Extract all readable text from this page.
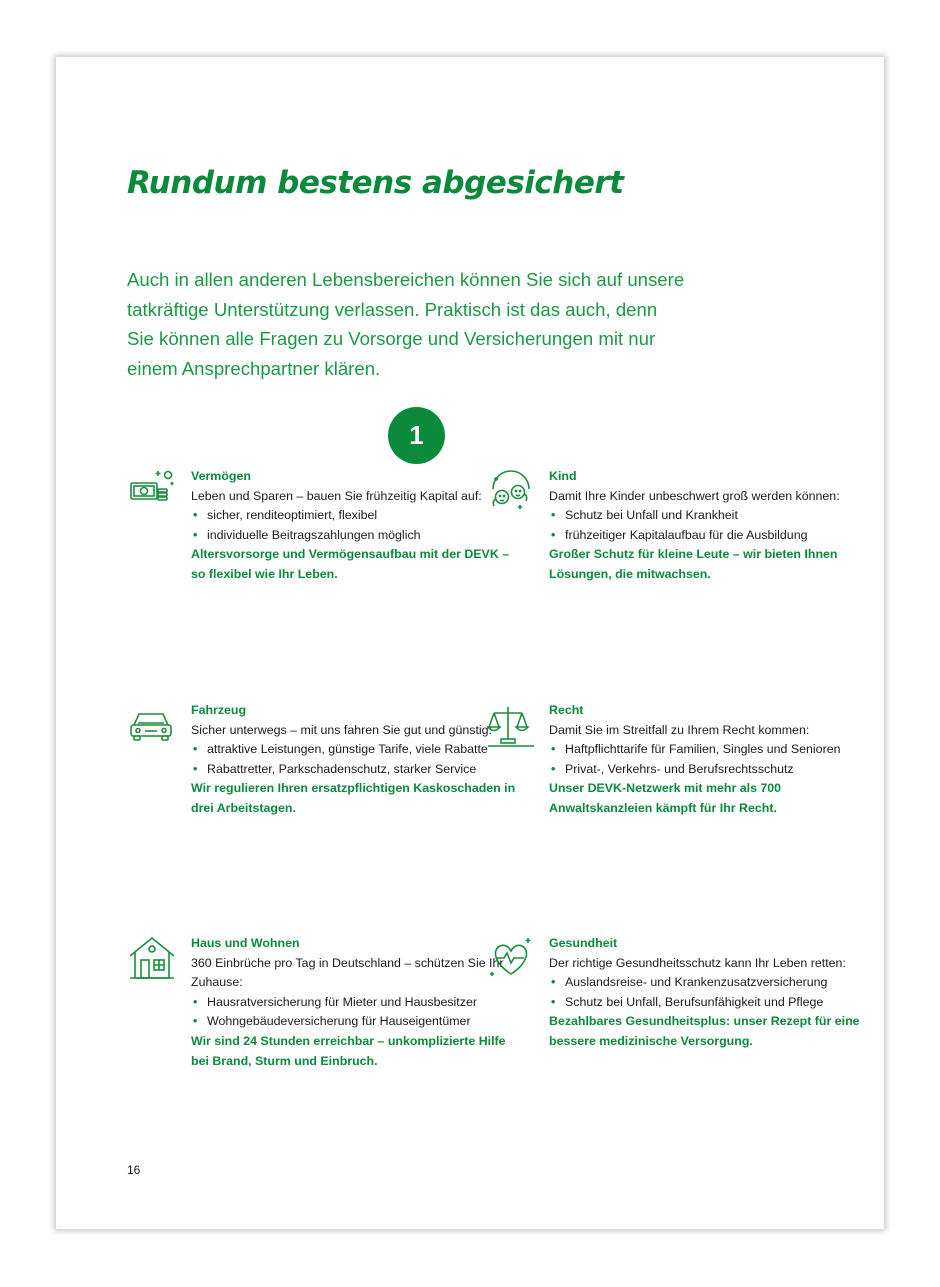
Rundum bestens abgesichert

Auch in allen anderen Lebensbereichen können Sie sich auf unsere tatkräftige Unterstützung verlassen. Praktisch ist das auch, denn Sie können alle Fragen zu Vorsorge und Versicherungen mit nur einem Ansprechpartner klären.

1
Vermögen

Leben und Sparen – bauen Sie frühzeitig Kapital auf:

• sicher, renditeoptimiert, flexibel
• individuelle Beitragszahlungen möglich

Altersvorsorge und Vermögensaufbau mit der DEVK – so flexibel wie Ihr Leben.

Kind

Damit Ihre Kinder unbeschwert groß werden können:

• Schutz bei Unfall und Krankheit
• frühzeitiger Kapitalaufbau für die Ausbildung

Großer Schutz für kleine Leute – wir bieten Ihnen Lösungen, die mitwachsen.

Fahrzeug

Sicher unterwegs – mit uns fahren Sie gut und günstig:

• attraktive Leistungen, günstige Tarife, viele Rabatte
• Rabattretter, Parkschadenschutz, starker Service

Wir regulieren Ihren ersatzpflichtigen Kaskoschaden in drei Arbeitstagen.

Recht

Damit Sie im Streitfall zu Ihrem Recht kommen:

• Haftpflichttarife für Familien, Singles und Senioren
• Privat-, Verkehrs- und Berufsrechtsschutz

Unser DEVK-Netzwerk mit mehr als 700 Anwaltskanzleien kämpft für Ihr Recht.

Haus und Wohnen

360 Einbrüche pro Tag in Deutschland – schützen Sie Ihr Zuhause:

• Hausratversicherung für Mieter und Hausbesitzer
• Wohngebäudeversicherung für Hauseigentümer

Wir sind 24 Stunden erreichbar – unkomplizierte Hilfe bei Brand, Sturm und Einbruch.

Gesundheit

Der richtige Gesundheitsschutz kann Ihr Leben retten:

• Auslandsreise- und Krankenzusatzversicherung
• Schutz bei Unfall, Berufsunfähigkeit und Pflege

Bezahlbares Gesundheitsplus: unser Rezept für eine bessere medizinische Versorgung.

16
